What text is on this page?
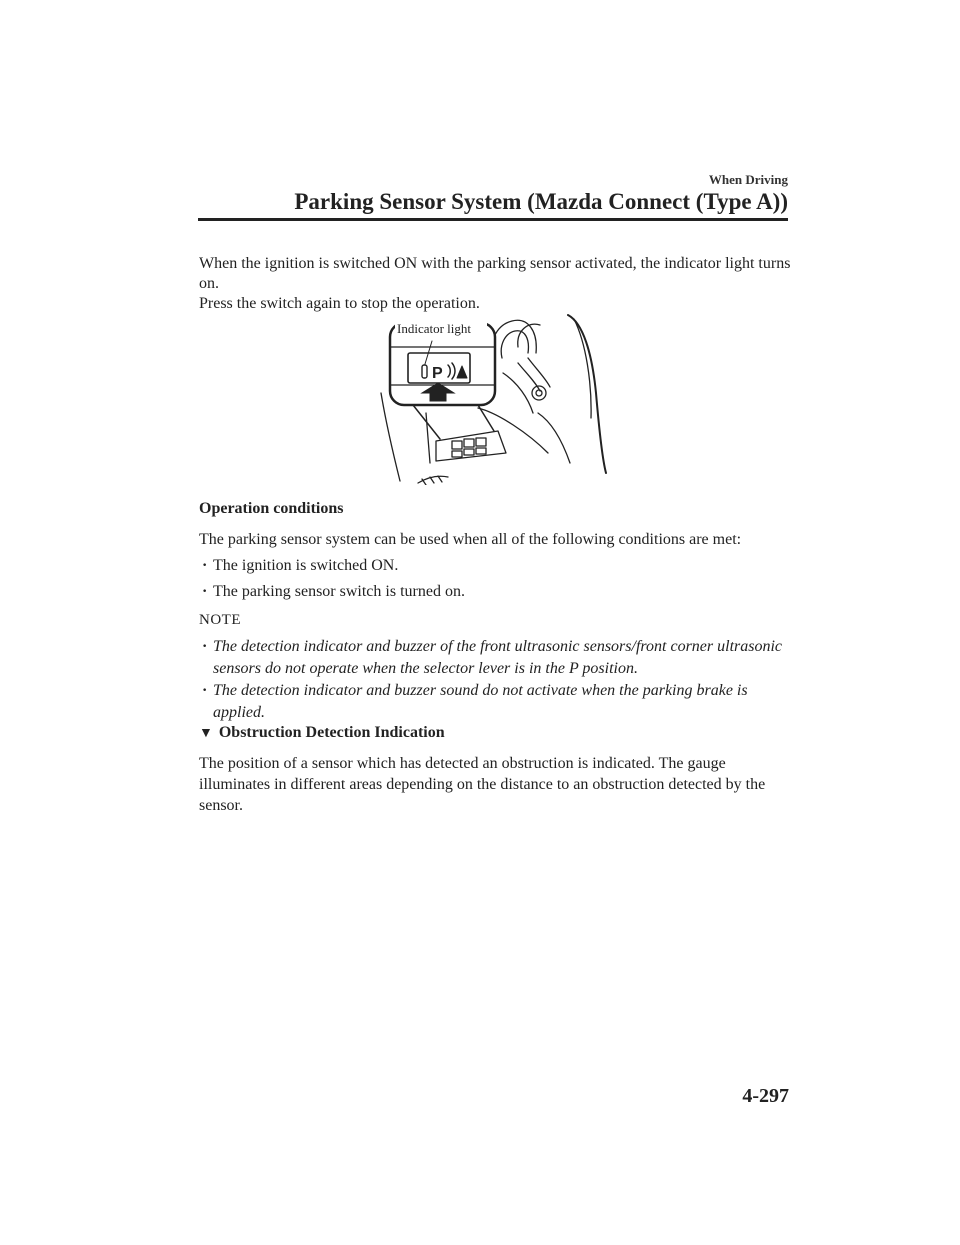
When Driving
Parking Sensor System (Mazda Connect (Type A))
When the ignition is switched ON with the parking sensor activated, the indicator light turns on.
Press the switch again to stop the operation.
P
Indicator light
Operation conditions
The parking sensor system can be used when all of the following conditions are met:
· The ignition is switched ON.
· The parking sensor switch is turned on.
NOTE
· The detection indicator and buzzer of the front ultrasonic sensors/front corner ultrasonic sensors do not operate when the selector lever is in the P position.
· The detection indicator and buzzer sound do not activate when the parking brake is applied.
▼ Obstruction Detection Indication
The position of a sensor which has detected an obstruction is indicated. The gauge illuminates in different areas depending on the distance to an obstruction detected by the sensor.
4-297
